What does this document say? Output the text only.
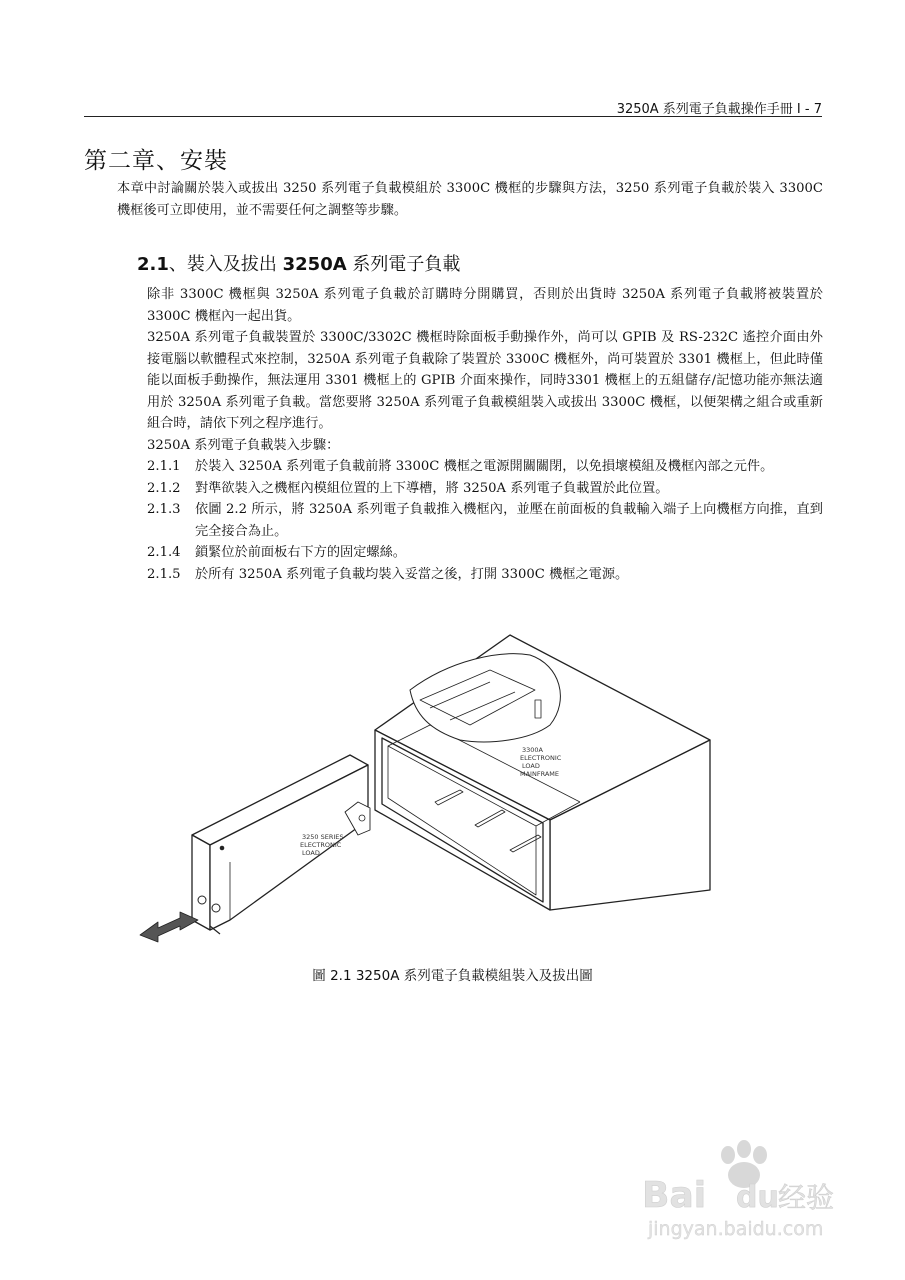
3250A 系列電子負載操作手冊 I - 7
第二章、安裝

本章中討論關於裝入或拔出 3250 系列電子負載模組於 3300C 機框的步驟與方法，3250 系列電子負載於裝入 3300C 機框後可立即使用，並不需要任何之調整等步驟。

2.1、裝入及拔出 3250A 系列電子負載

除非 3300C 機框與 3250A 系列電子負載於訂購時分開購買，否則於出貨時 3250A 系列電子負載將被裝置於 3300C 機框內一起出貨。

3250A 系列電子負載裝置於 3300C/3302C 機框時除面板手動操作外，尚可以 GPIB 及 RS-232C 遙控介面由外接電腦以軟體程式來控制，3250A 系列電子負載除了裝置於 3300C 機框外，尚可裝置於 3301 機框上，但此時僅能以面板手動操作，無法運用 3301 機框上的 GPIB 介面來操作，同時3301 機框上的五組儲存/記憶功能亦無法適用於 3250A 系列電子負載。當您要將 3250A 系列電子負載模組裝入或拔出 3300C 機框，以便架構之組合或重新組合時，請依下列之程序進行。

3250A 系列電子負載裝入步驟：

2.1.1 於裝入 3250A 系列電子負載前將 3300C 機框之電源開關關閉，以免損壞模組及機框內部之元件。
2.1.2 對準欲裝入之機框內模組位置的上下導槽，將 3250A 系列電子負載置於此位置。
2.1.3 依圖 2.2 所示，將 3250A 系列電子負載推入機框內，並壓在前面板的負載輸入端子上向機框方向推，直到完全接合為止。
2.1.4 鎖緊位於前面板右下方的固定螺絲。
2.1.5 於所有 3250A 系列電子負載均裝入妥當之後，打開 3300C 機框之電源。
3300A
ELECTRONIC
LOAD
MAINFRAME
3250 SERIES
ELECTRONIC
LOAD
圖 2.1 3250A 系列電子負載模組裝入及拔出圖
Bai du 经验
jingyan.baidu.com
